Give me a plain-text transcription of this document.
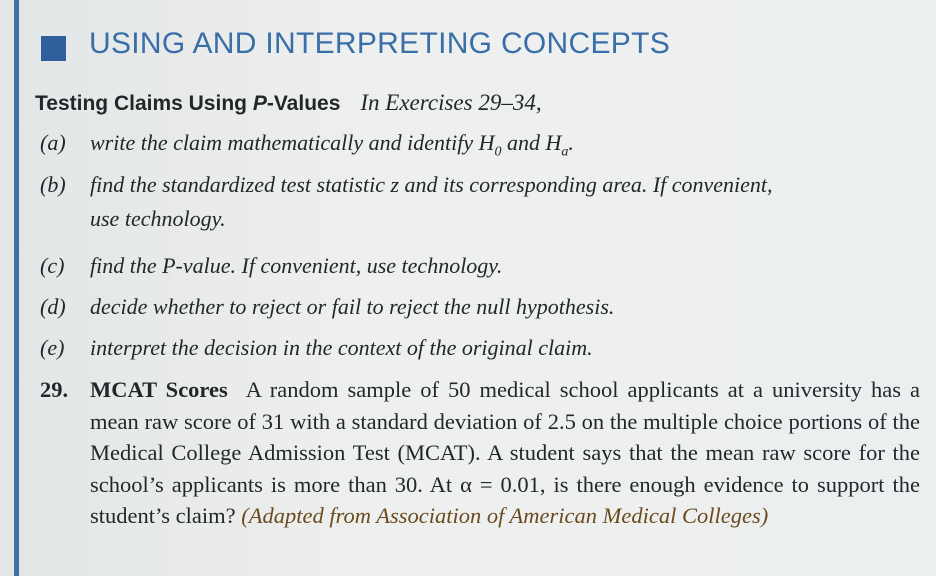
USING AND INTERPRETING CONCEPTS
Testing Claims Using P-Values In Exercises 29–34,
(a) write the claim mathematically and identify $H_0$ and $H_a$.
(b) find the standardized test statistic z and its corresponding area. If convenient,
use technology.
(c) find the P-value. If convenient, use technology.
(d) decide whether to reject or fail to reject the null hypothesis.
(e) interpret the decision in the context of the original claim.
29. MCAT Scores A random sample of 50 medical school applicants at a university has a mean raw score of 31 with a standard deviation of 2.5 on the multiple choice portions of the Medical College Admission Test (MCAT). A student says that the mean raw score for the school’s applicants is more than 30. At α = 0.01, is there enough evidence to support the student’s claim? (Adapted from Association of American Medical Colleges)
